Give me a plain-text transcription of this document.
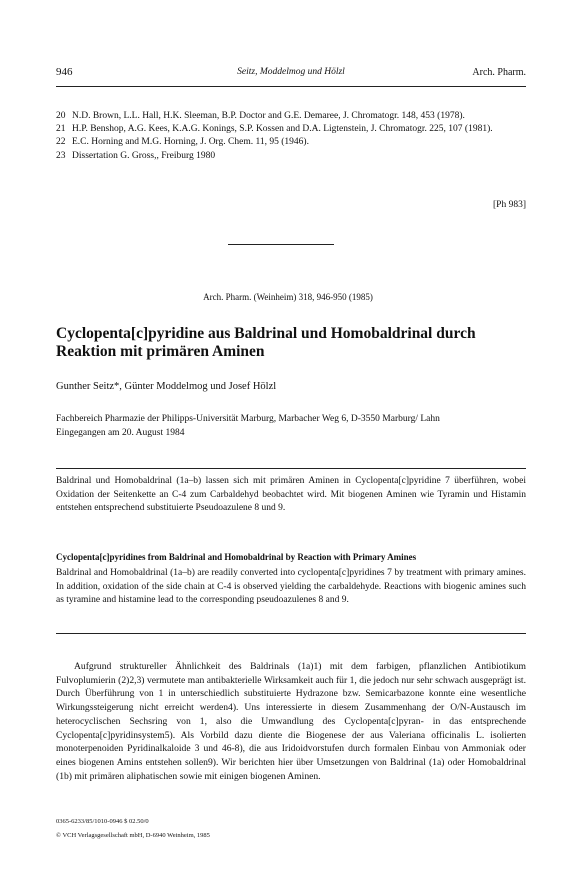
946	Seitz, Moddelmog und Hölzl	Arch. Pharm.
20 N.D. Brown, L.L. Hall, H.K. Sleeman, B.P. Doctor and G.E. Demaree, J. Chromatogr. 148, 453 (1978).
21 H.P. Benshop, A.G. Kees, K.A.G. Konings, S.P. Kossen and D.A. Ligtenstein, J. Chromatogr. 225, 107 (1981).
22 E.C. Horning and M.G. Horning, J. Org. Chem. 11, 95 (1946).
23 Dissertation G. Gross,, Freiburg 1980
[Ph 983]
Arch. Pharm. (Weinheim) 318, 946-950 (1985)
Cyclopenta[c]pyridine aus Baldrinal und Homobaldrinal durch Reaktion mit primären Aminen
Gunther Seitz*, Günter Moddelmog und Josef Hölzl
Fachbereich Pharmazie der Philipps-Universität Marburg, Marbacher Weg 6, D-3550 Marburg/ Lahn
Eingegangen am 20. August 1984
Baldrinal und Homobaldrinal (1a–b) lassen sich mit primären Aminen in Cyclopenta[c]pyridine 7 überführen, wobei Oxidation der Seitenkette an C-4 zum Carbaldehyd beobachtet wird. Mit biogenen Aminen wie Tyramin und Histamin entstehen entsprechend substituierte Pseudoazulene 8 und 9.
Cyclopenta[c]pyridines from Baldrinal and Homobaldrinal by Reaction with Primary Amines
Baldrinal and Homobaldrinal (1a–b) are readily converted into cyclopenta[c]pyridines 7 by treatment with primary amines. In addition, oxidation of the side chain at C-4 is observed yielding the carbaldehyde. Reactions with biogenic amines such as tyramine and histamine lead to the corresponding pseudoazulenes 8 and 9.
Aufgrund struktureller Ähnlichkeit des Baldrinals (1a)1) mit dem farbigen, pflanzlichen Antibiotikum Fulvoplumierin (2)2,3) vermutete man antibakterielle Wirksamkeit auch für 1, die jedoch nur sehr schwach ausgeprägt ist. Durch Überführung von 1 in unterschiedlich substituierte Hydrazone bzw. Semicarbazone konnte eine wesentliche Wirkungssteigerung nicht erreicht werden4). Uns interessierte in diesem Zusammenhang der O/N-Austausch im heterocyclischen Sechsring von 1, also die Umwandlung des Cyclopenta[c]pyran- in das entsprechende Cyclopenta[c]pyridinsystem5). Als Vorbild dazu diente die Biogenese der aus Valeriana officinalis L. isolierten monoterpenoiden Pyridinalkaloide 3 und 46-8), die aus Iridoidvorstufen durch formalen Einbau von Ammoniak oder eines biogenen Amins entstehen sollen9). Wir berichten hier über Umsetzungen von Baldrinal (1a) oder Homobaldrinal (1b) mit primären aliphatischen sowie mit einigen biogenen Aminen.
0365-6233/85/1010-0946 $ 02.50/0
© VCH Verlagsgesellschaft mbH, D-6940 Weinheim, 1985
